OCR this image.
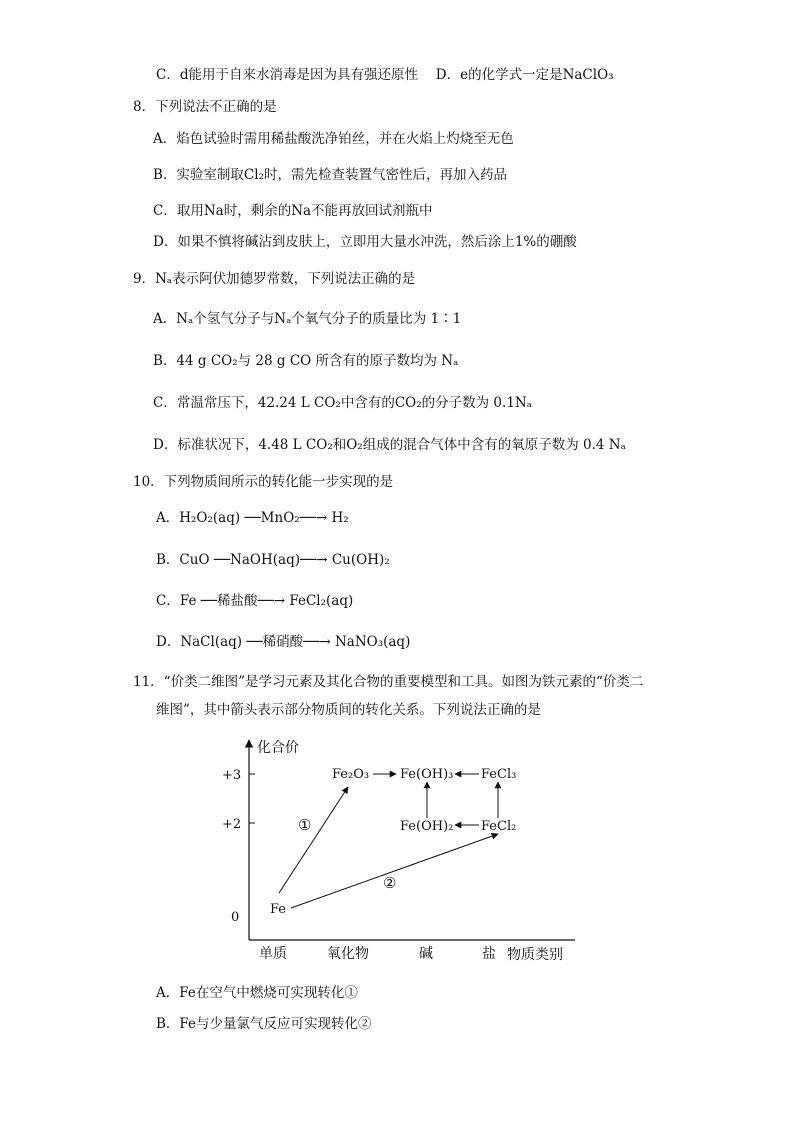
C．d能用于自来水消毒是因为具有强还原性　 D．e的化学式一定是NaClO₃
8．下列说法不正确的是
A．焰色试验时需用稀盐酸洗净铂丝，并在火焰上灼烧至无色
B．实验室制取Cl₂时，需先检查装置气密性后，再加入药品
C．取用Na时，剩余的Na不能再放回试剂瓶中
D．如果不慎将碱沾到皮肤上，立即用大量水冲洗，然后涂上1%的硼酸
9．Nₐ表示阿伏加德罗常数，下列说法正确的是
A．Nₐ个氢气分子与Nₐ个氧气分子的质量比为 1∶1
B．44 g CO₂与 28 g CO 所含有的原子数均为 Nₐ
C．常温常压下，42.24 L CO₂中含有的CO₂的分子数为 0.1Nₐ
D．标准状况下，4.48 L CO₂和O₂组成的混合气体中含有的氧原子数为 0.4 Nₐ
10．下列物质间所示的转化能一步实现的是
A．H₂O₂(aq) ──MnO₂──→ H₂
B．CuO ──NaOH(aq)──→ Cu(OH)₂
C．Fe ──稀盐酸──→ FeCl₂(aq)
D．NaCl(aq) ──稀硝酸──→ NaNO₃(aq)
11．“价类二维图”是学习元素及其化合物的重要模型和工具。如图为铁元素的“价类二
维图”，其中箭头表示部分物质间的转化关系。下列说法正确的是
化合价
物质类别
+3
+2
0
单质	氧化物	碱	盐
Fe
Fe₂O₃ Fe(OH)₃ FeCl₃
Fe(OH)₂ FeCl₂
①
②
A．Fe在空气中燃烧可实现转化①
B．Fe与少量氯气反应可实现转化②
